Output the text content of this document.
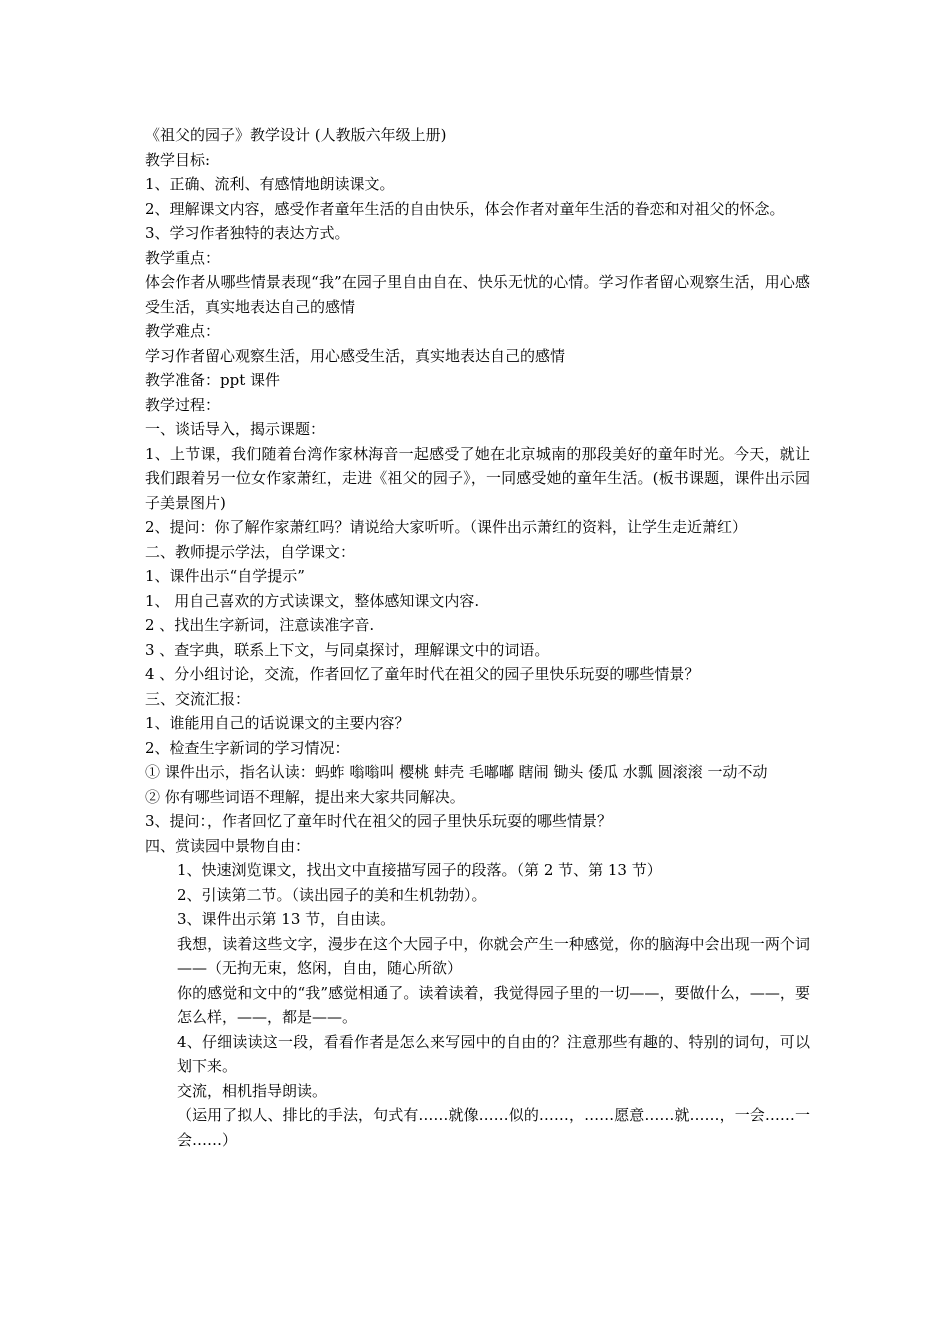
《祖父的园子》教学设计 (人教版六年级上册)

教学目标:

1、正确、流利、有感情地朗读课文。

2、理解课文内容，感受作者童年生活的自由快乐，体会作者对童年生活的眷恋和对祖父的怀念。

3、学习作者独特的表达方式。

教学重点：

体会作者从哪些情景表现“我”在园子里自由自在、快乐无忧的心情。学习作者留心观察生活，用心感受生活，真实地表达自己的感情

教学难点：

学习作者留心观察生活，用心感受生活，真实地表达自己的感情

教学准备：ppt 课件

教学过程：

一、谈话导入，揭示课题：

1、上节课，我们随着台湾作家林海音一起感受了她在北京城南的那段美好的童年时光。今天，就让我们跟着另一位女作家萧红，走进《祖父的园子》，一同感受她的童年生活。(板书课题，课件出示园子美景图片)

2、提问：你了解作家萧红吗？请说给大家听听。（课件出示萧红的资料，让学生走近萧红）

二、教师提示学法，自学课文：

1、课件出示“自学提示”

1、 用自己喜欢的方式读课文，整体感知课文内容.

2 、找出生字新词，注意读准字音.

3 、查字典，联系上下文，与同桌探讨，理解课文中的词语。

4 、分小组讨论，交流，作者回忆了童年时代在祖父的园子里快乐玩耍的哪些情景？

三、交流汇报：

1、谁能用自己的话说课文的主要内容？

2、检查生字新词的学习情况：

① 课件出示，指名认读：蚂蚱 嗡嗡叫 樱桃 蚌壳 毛嘟嘟 瞎闹 锄头 倭瓜 水瓢 圆滚滚 一动不动

② 你有哪些词语不理解，提出来大家共同解决。

3、提问：，作者回忆了童年时代在祖父的园子里快乐玩耍的哪些情景？

四、赏读园中景物自由：

1、快速浏览课文，找出文中直接描写园子的段落。（第 2 节、第 13 节）

2、引读第二节。（读出园子的美和生机勃勃）。

3、课件出示第 13 节，自由读。

我想，读着这些文字，漫步在这个大园子中，你就会产生一种感觉，你的脑海中会出现一两个词——（无拘无束，悠闲，自由，随心所欲）

你的感觉和文中的“我”感觉相通了。读着读着，我觉得园子里的一切——，要做什么，——，要怎么样，——，都是——。

4、仔细读读这一段，看看作者是怎么来写园中的自由的？注意那些有趣的、特别的词句，可以划下来。

交流，相机指导朗读。

（运用了拟人、排比的手法，句式有……就像……似的……，……愿意……就……，一会……一会……）
